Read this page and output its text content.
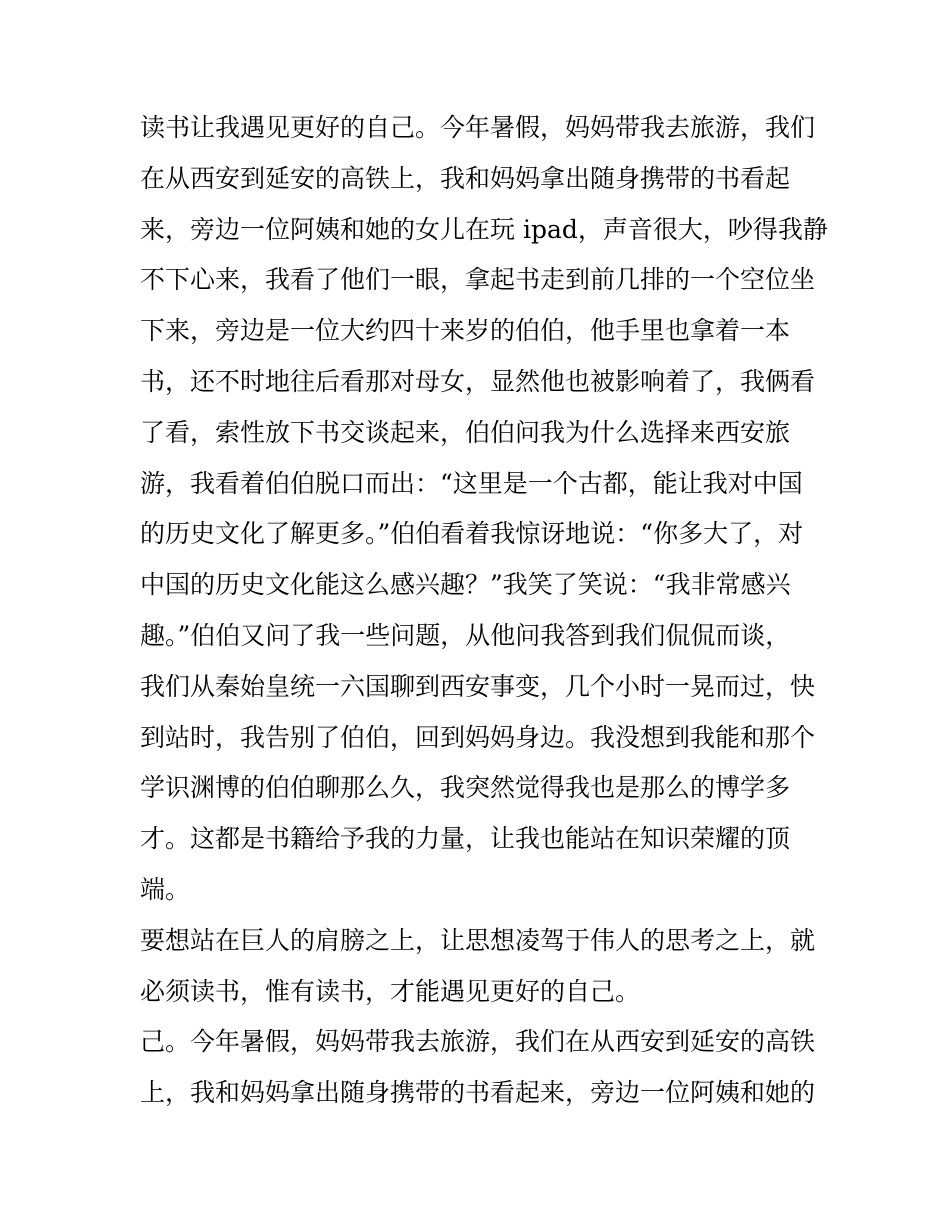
读书让我遇见更好的自己。今年暑假，妈妈带我去旅游，我们
在从西安到延安的高铁上，我和妈妈拿出随身携带的书看起
来，旁边一位阿姨和她的女儿在玩 ipad，声音很大，吵得我静
不下心来，我看了他们一眼，拿起书走到前几排的一个空位坐
下来，旁边是一位大约四十来岁的伯伯，他手里也拿着一本
书，还不时地往后看那对母女，显然他也被影响着了，我俩看
了看，索性放下书交谈起来，伯伯问我为什么选择来西安旅
游，我看着伯伯脱口而出：“这里是一个古都，能让我对中国
的历史文化了解更多。”伯伯看着我惊讶地说：“你多大了，对
中国的历史文化能这么感兴趣？”我笑了笑说：“我非常感兴
趣。”伯伯又问了我一些问题，从他问我答到我们侃侃而谈，
我们从秦始皇统一六国聊到西安事变，几个小时一晃而过，快
到站时，我告别了伯伯，回到妈妈身边。我没想到我能和那个
学识渊博的伯伯聊那么久，我突然觉得我也是那么的博学多
才。这都是书籍给予我的力量，让我也能站在知识荣耀的顶
端。
要想站在巨人的肩膀之上，让思想凌驾于伟人的思考之上，就
必须读书，惟有读书，才能遇见更好的自己。
己。今年暑假，妈妈带我去旅游，我们在从西安到延安的高铁
上，我和妈妈拿出随身携带的书看起来，旁边一位阿姨和她的
